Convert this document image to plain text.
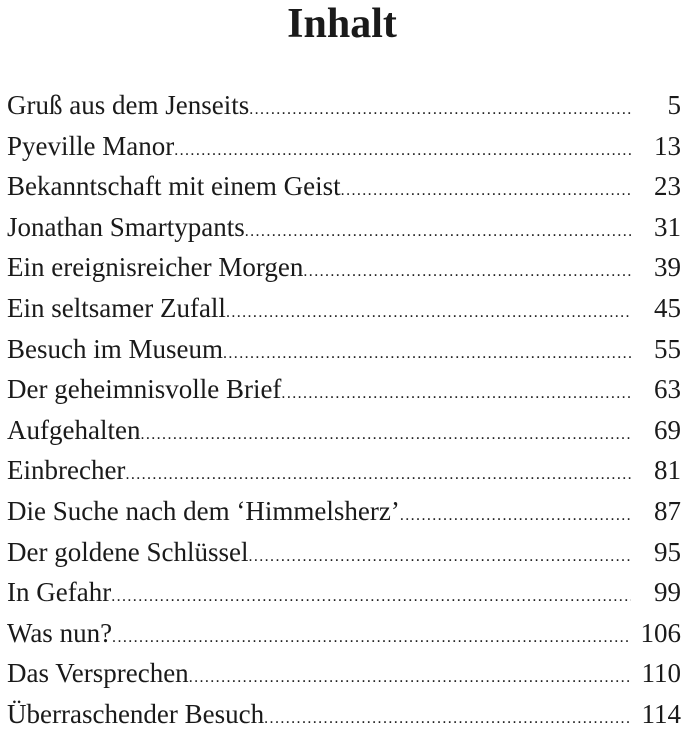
Inhalt
Gruß aus dem Jenseits .....	5
Pyeville Manor .....	13
Bekanntschaft mit einem Geist .....	23
Jonathan Smartypants .....	31
Ein ereignisreicher Morgen .....	39
Ein seltsamer Zufall .....	45
Besuch im Museum .....	55
Der geheimnisvolle Brief .....	63
Aufgehalten .....	69
Einbrecher .....	81
Die Suche nach dem ‘Himmelsherz’ .....	87
Der goldene Schlüssel .....	95
In Gefahr .....	99
Was nun? .....	106
Das Versprechen .....	110
Überraschender Besuch .....	114
